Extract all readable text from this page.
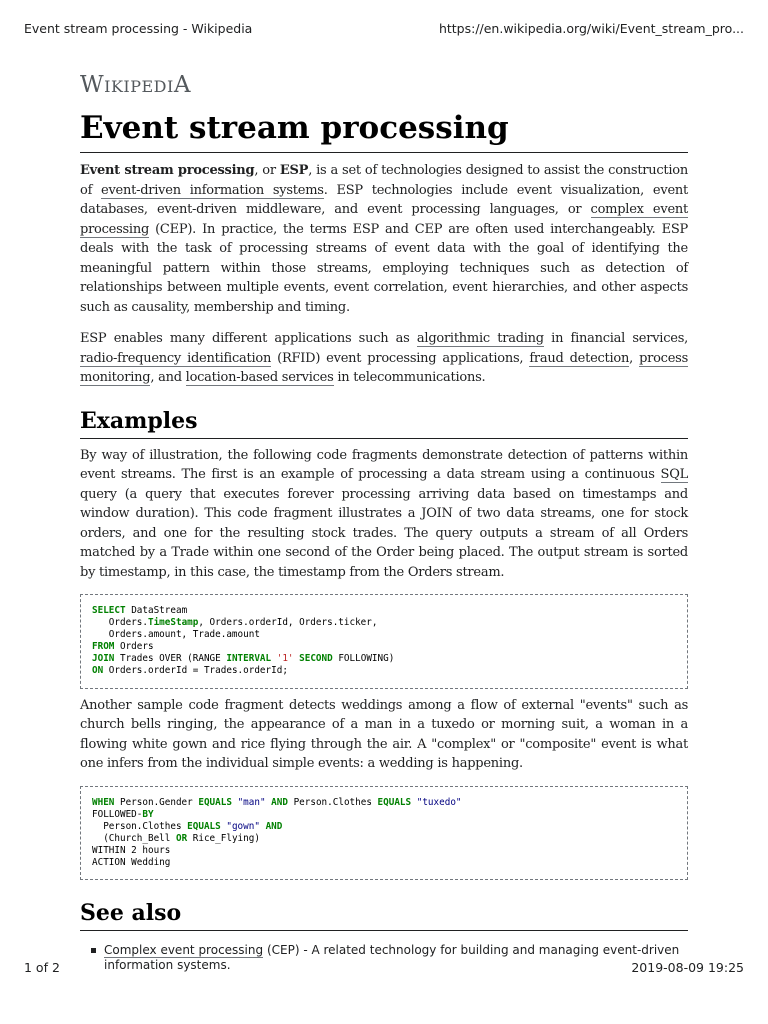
Event stream processing - Wikipedia	https://en.wikipedia.org/wiki/Event_stream_pro...
WikipediA
Event stream processing

Event stream processing, or ESP, is a set of technologies designed to assist the construction of event-driven information systems. ESP technologies include event visualization, event databases, event-driven middleware, and event processing languages, or complex event processing (CEP). In practice, the terms ESP and CEP are often used interchangeably. ESP deals with the task of processing streams of event data with the goal of identifying the meaningful pattern within those streams, employing techniques such as detection of relationships between multiple events, event correlation, event hierarchies, and other aspects such as causality, membership and timing.

ESP enables many different applications such as algorithmic trading in financial services, radio-frequency identification (RFID) event processing applications, fraud detection, process monitoring, and location-based services in telecommunications.

Examples

By way of illustration, the following code fragments demonstrate detection of patterns within event streams. The first is an example of processing a data stream using a continuous SQL query (a query that executes forever processing arriving data based on timestamps and window duration). This code fragment illustrates a JOIN of two data streams, one for stock orders, and one for the resulting stock trades. The query outputs a stream of all Orders matched by a Trade within one second of the Order being placed. The output stream is sorted by timestamp, in this case, the timestamp from the Orders stream.

SELECT DataStream
Orders.TimeStamp, Orders.orderId, Orders.ticker,
Orders.amount, Trade.amount
FROM Orders
JOIN Trades OVER (RANGE INTERVAL '1' SECOND FOLLOWING)
ON Orders.orderId = Trades.orderId;

Another sample code fragment detects weddings among a flow of external "events" such as church bells ringing, the appearance of a man in a tuxedo or morning suit, a woman in a flowing white gown and rice flying through the air. A "complex" or "composite" event is what one infers from the individual simple events: a wedding is happening.

WHEN Person.Gender EQUALS "man" AND Person.Clothes EQUALS "tuxedo"
FOLLOWED-BY
Person.Clothes EQUALS "gown" AND
(Church_Bell OR Rice_Flying)
WITHIN 2 hours
ACTION Wedding
See also
Complex event processing (CEP) - A related technology for building and managing event-driven information systems.
1 of 2	2019-08-09 19:25
